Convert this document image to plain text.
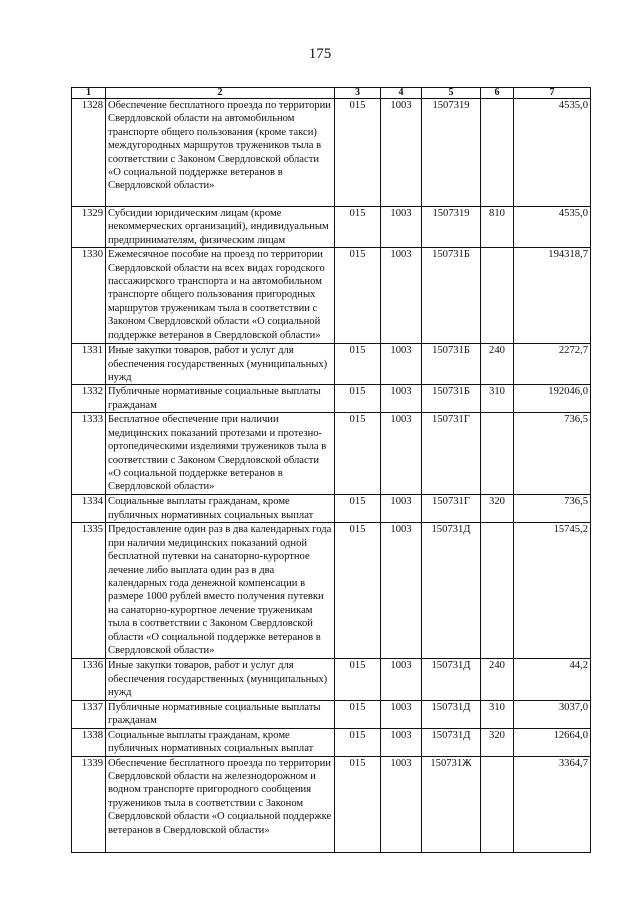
175
1	2	3	4	5	6	7
1328	Обеспечение бесплатного проезда по территории Свердловской области на автомобильном транспорте общего пользования (кроме такси) междугородных маршрутов тружеников тыла в соответствии с Законом Свердловской области «О социальной поддержке ветеранов в Свердловской области»	015	1003	1507319		4535,0
1329	Субсидии юридическим лицам (кроме некоммерческих организаций), индивидуальным предпринимателям, физическим лицам	015	1003	1507319	810	4535,0
1330	Ежемесячное пособие на проезд по территории Свердловской области на всех видах городского пассажирского транспорта и на автомобильном транспорте общего пользования пригородных маршрутов труженикам тыла в соответствии с Законом Свердловской области «О социальной поддержке ветеранов в Свердловской области»	015	1003	150731Б		194318,7
1331	Иные закупки товаров, работ и услуг для обеспечения государственных (муниципальных) нужд	015	1003	150731Б	240	2272,7
1332	Публичные нормативные социальные выплаты гражданам	015	1003	150731Б	310	192046,0
1333	Бесплатное обеспечение при наличии медицинских показаний протезами и протезно-ортопедическими изделиями тружеников тыла в соответствии с Законом Свердловской области «О социальной поддержке ветеранов в Свердловской области»	015	1003	150731Г		736,5
1334	Социальные выплаты гражданам, кроме публичных нормативных социальных выплат	015	1003	150731Г	320	736,5
1335	Предоставление один раз в два календарных года при наличии медицинских показаний одной бесплатной путевки на санаторно-курортное лечение либо выплата один раз в два календарных года денежной компенсации в размере 1000 рублей вместо получения путевки на санаторно-курортное лечение труженикам тыла в соответствии с Законом Свердловской области «О социальной поддержке ветеранов в Свердловской области»	015	1003	150731Д		15745,2
1336	Иные закупки товаров, работ и услуг для обеспечения государственных (муниципальных) нужд	015	1003	150731Д	240	44,2
1337	Публичные нормативные социальные выплаты гражданам	015	1003	150731Д	310	3037,0
1338	Социальные выплаты гражданам, кроме публичных нормативных социальных выплат	015	1003	150731Д	320	12664,0
1339	Обеспечение бесплатного проезда по территории Свердловской области на железнодорожном и водном транспорте пригородного сообщения тружеников тыла в соответствии с Законом Свердловской области «О социальной поддержке ветеранов в Свердловской области»	015	1003	150731Ж		3364,7
